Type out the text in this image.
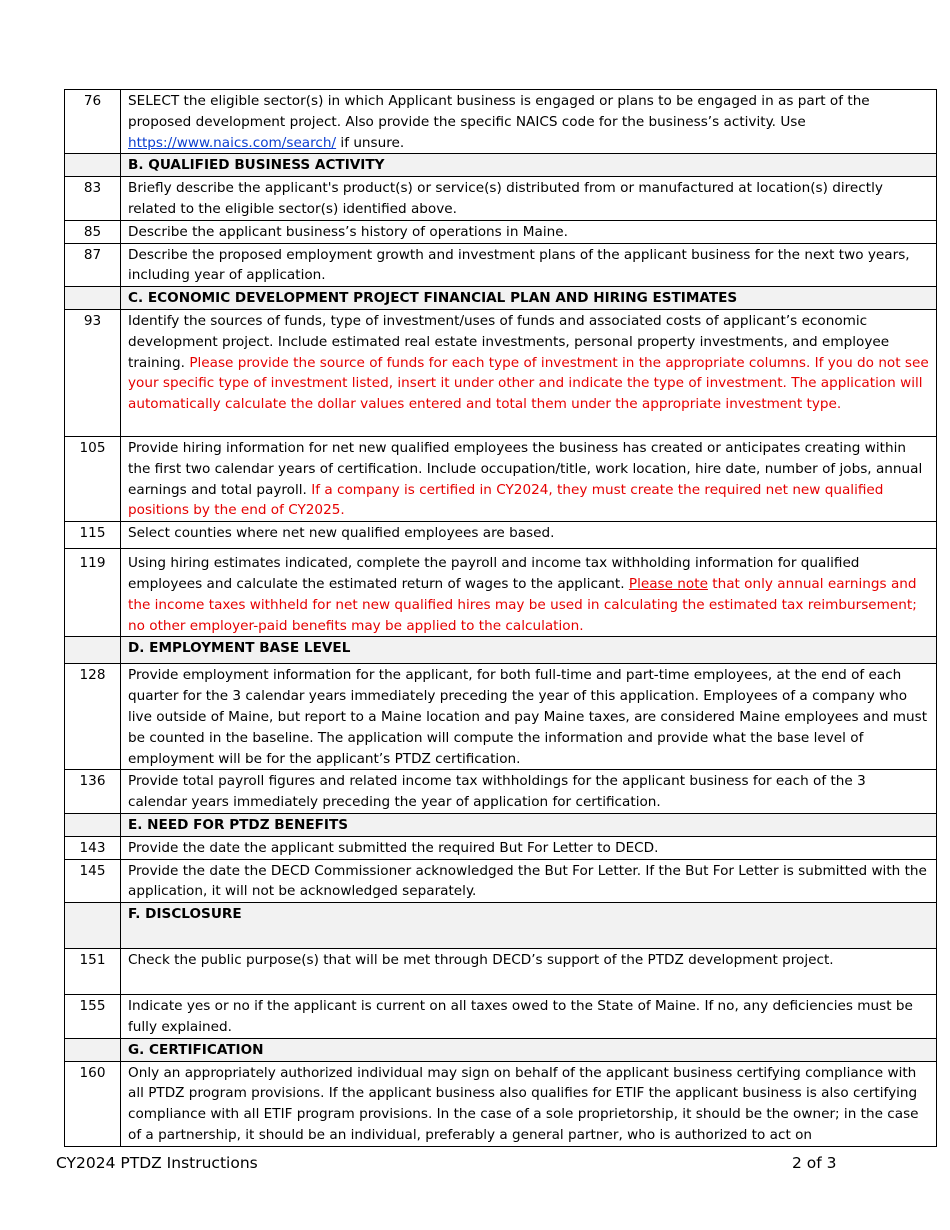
76	SELECT the eligible sector(s) in which Applicant business is engaged or plans to be engaged in as part of the proposed development project. Also provide the specific NAICS code for the business’s activity. Use https://www.naics.com/search/ if unsure.
	B. QUALIFIED BUSINESS ACTIVITY
83	Briefly describe the applicant's product(s) or service(s) distributed from or manufactured at location(s) directly related to the eligible sector(s) identified above.
85	Describe the applicant business’s history of operations in Maine.
87	Describe the proposed employment growth and investment plans of the applicant business for the next two years, including year of application.
	C. ECONOMIC DEVELOPMENT PROJECT FINANCIAL PLAN AND HIRING ESTIMATES
93	Identify the sources of funds, type of investment/uses of funds and associated costs of applicant’s economic development project. Include estimated real estate investments, personal property investments, and employee training. Please provide the source of funds for each type of investment in the appropriate columns. If you do not see your specific type of investment listed, insert it under other and indicate the type of investment. The application will automatically calculate the dollar values entered and total them under the appropriate investment type.
105	Provide hiring information for net new qualified employees the business has created or anticipates creating within the first two calendar years of certification. Include occupation/title, work location, hire date, number of jobs, annual earnings and total payroll. If a company is certified in CY2024, they must create the required net new qualified positions by the end of CY2025.
115	Select counties where net new qualified employees are based.
119	Using hiring estimates indicated, complete the payroll and income tax withholding information for qualified employees and calculate the estimated return of wages to the applicant. Please note that only annual earnings and the income taxes withheld for net new qualified hires may be used in calculating the estimated tax reimbursement; no other employer-paid benefits may be applied to the calculation.
	D. EMPLOYMENT BASE LEVEL
128	Provide employment information for the applicant, for both full-time and part-time employees, at the end of each quarter for the 3 calendar years immediately preceding the year of this application. Employees of a company who live outside of Maine, but report to a Maine location and pay Maine taxes, are considered Maine employees and must be counted in the baseline. The application will compute the information and provide what the base level of employment will be for the applicant’s PTDZ certification.
136	Provide total payroll figures and related income tax withholdings for the applicant business for each of the 3 calendar years immediately preceding the year of application for certification.
	E. NEED FOR PTDZ BENEFITS
143	Provide the date the applicant submitted the required But For Letter to DECD.
145	Provide the date the DECD Commissioner acknowledged the But For Letter. If the But For Letter is submitted with the application, it will not be acknowledged separately.
	F. DISCLOSURE
151	Check the public purpose(s) that will be met through DECD’s support of the PTDZ development project.
155	Indicate yes or no if the applicant is current on all taxes owed to the State of Maine. If no, any deficiencies must be fully explained.
	G. CERTIFICATION
160	Only an appropriately authorized individual may sign on behalf of the applicant business certifying compliance with all PTDZ program provisions. If the applicant business also qualifies for ETIF the applicant business is also certifying compliance with all ETIF program provisions. In the case of a sole proprietorship, it should be the owner; in the case of a partnership, it should be an individual, preferably a general partner, who is authorized to act on
CY2024 PTDZ Instructions	2 of 3
